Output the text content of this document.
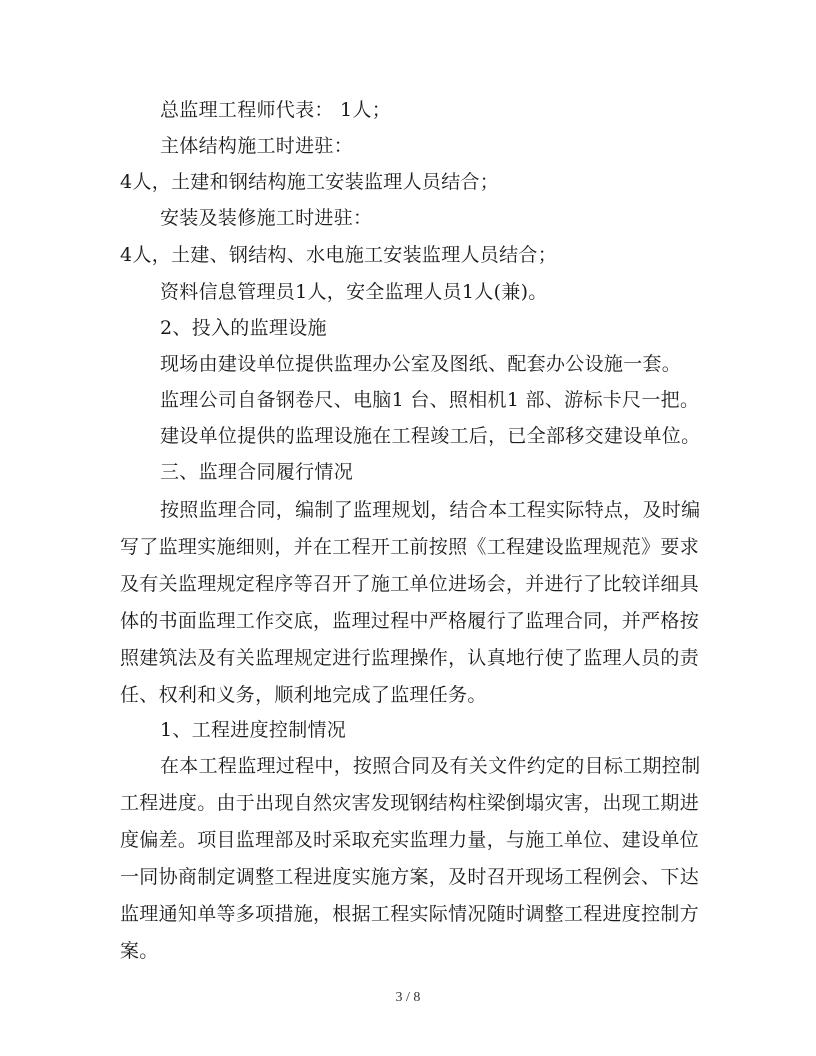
总监理工程师代表： 1人；
主体结构施工时进驻：
4人，土建和钢结构施工安装监理人员结合；
安装及装修施工时进驻：
4人，土建、钢结构、水电施工安装监理人员结合；
资料信息管理员1人，安全监理人员1人(兼)。
2、投入的监理设施
现场由建设单位提供监理办公室及图纸、配套办公设施一套。
监理公司自备钢卷尺、电脑1 台、照相机1 部、游标卡尺一把。
建设单位提供的监理设施在工程竣工后，已全部移交建设单位。
三、监理合同履行情况
按照监理合同，编制了监理规划，结合本工程实际特点，及时编
写了监理实施细则，并在工程开工前按照《工程建设监理规范》要求
及有关监理规定程序等召开了施工单位进场会，并进行了比较详细具
体的书面监理工作交底，监理过程中严格履行了监理合同，并严格按
照建筑法及有关监理规定进行监理操作，认真地行使了监理人员的责
任、权利和义务，顺利地完成了监理任务。
1、工程进度控制情况
在本工程监理过程中，按照合同及有关文件约定的目标工期控制
工程进度。由于出现自然灾害发现钢结构柱梁倒塌灾害，出现工期进
度偏差。项目监理部及时采取充实监理力量，与施工单位、建设单位
一同协商制定调整工程进度实施方案，及时召开现场工程例会、下达
监理通知单等多项措施，根据工程实际情况随时调整工程进度控制方
案。
3 / 8
